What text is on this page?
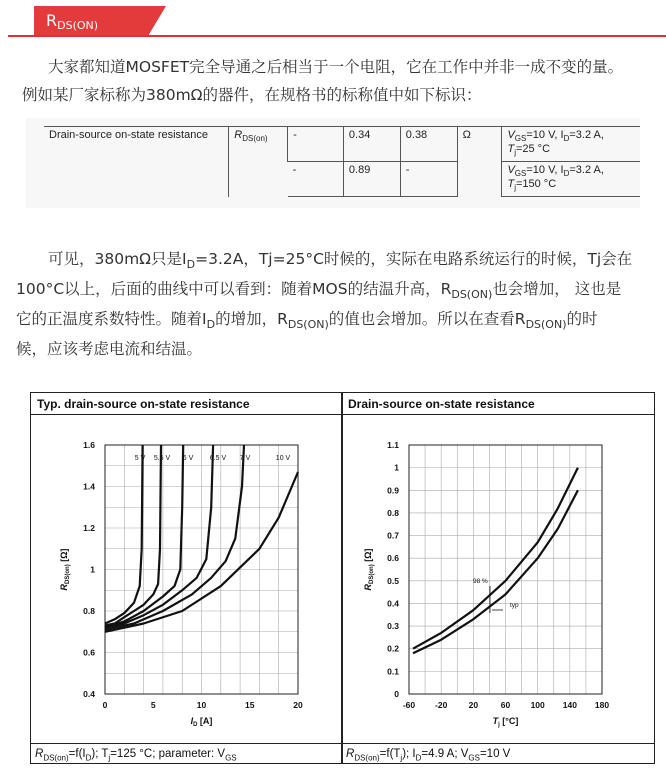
$R_{DS(ON)}$
大家都知道MOSFET完全导通之后相当于一个电阻，它在工作中并非一成不变的量。
例如某厂家标称为380mΩ的器件，在规格书的标称值中如下标识：
Drain-source on-state resistance	$R_{DS(on)}$	-	0.34	0.38	Ω	$V_{GS}=10$ V, $I_D=3.2$ A,
$T_j=25$ °C
		-	0.89	-		$V_{GS}=10$ V, $I_D=3.2$ A,
$T_j=150$ °C
可见，380mΩ只是$I_D=3.2A$，Tj=25°C时候的，实际在电路系统运行的时候，Tj会在
100°C以上，后面的曲线中可以看到：随着MOS的结温升高，$R_{DS(ON)}$也会增加， 这也是
它的正温度系数特性。随着$I_D$的增加，$R_{DS(ON)}$的值也会增加。所以在查看$R_{DS(ON)}$的时
候，应该考虑电流和结温。
Typ. drain-source on-state resistance	Drain-source on-state resistance
0	5	10	15	20
0.4
0.6
0.8
1
1.2
1.4
1.6
$I_D$ [A]
$R_{DS(on)}$ [Ω]
5 V 5.5 V 6 V 6.5 V 7 V	10 V
-60 -20	20	60 100 140 180
0
0.1
0.2
0.3
0.4
0.5
0.6
0.7
0.8
0.9
1
1.1
$T_j$ [°C]
$R_{DS(on)}$ [Ω]
98 %
typ
$R_{DS(on)}=f(I_D)$; $T_j=125$ °C; parameter: $V_{GS}$	$R_{DS(on)}=f(T_j)$; $I_D=4.9$ A; $V_{GS}=10$ V
